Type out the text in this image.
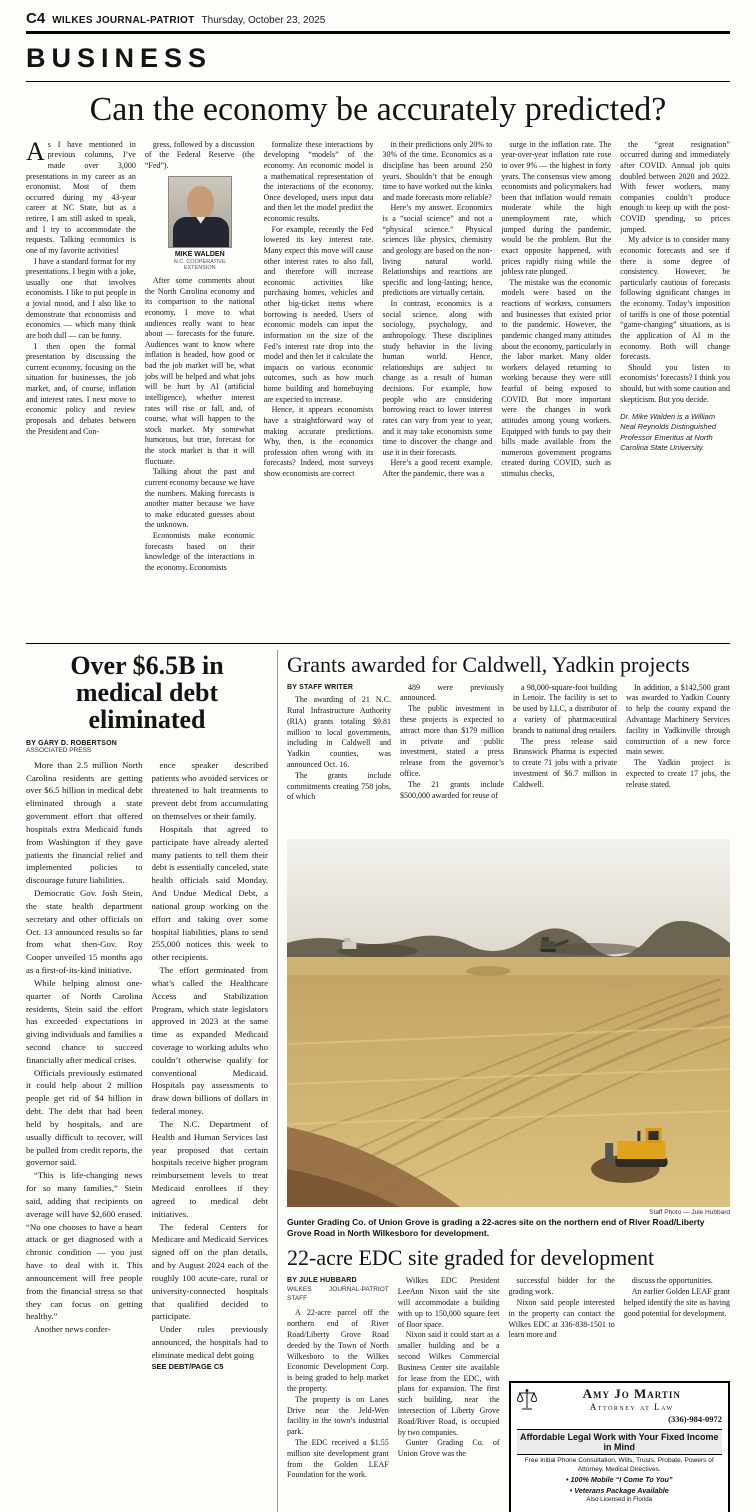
C4 WILKES JOURNAL-PATRIOT Thursday, October 23, 2025
BUSINESS
Can the economy be accurately predicted?

As I have mentioned in previous columns, I’ve made over 3,000 presentations in my career as an economist. Most of them occurred during my 43-year career at NC State, but as a retiree, I am still asked to speak, and I try to accommodate the requests. Talking economics is one of my favorite activities!

I have a standard format for my presentations. I begin with a joke, usually one that involves economists. I like to put people in a jovial mood, and I also like to demonstrate that economists and economics — which many think are both dull — can be funny.

I then open the formal presentation by discussing the current economy, focusing on the situation for businesses, the job market, and, of course, inflation and interest rates. I next move to economic policy and review proposals and debates between the President and Con-

gress, followed by a discussion of the Federal Reserve (the “Fed”).

MIKE WALDEN
N.C. COOPERATIVE EXTENSION

After some comments about the North Carolina economy and its comparison to the national economy, I move to what audiences really want to hear about — forecasts for the future. Audiences want to know where inflation is headed, how good or bad the job market will be, what jobs will be helped and what jobs will be hurt by AI (artificial intelligence), whether interest rates will rise or fall, and, of course, what will happen to the stock market. My somewhat humorous, but true, forecast for the stock market is that it will fluctuate.

Talking about the past and current economy because we have the numbers. Making forecasts is another matter because we have to make educated guesses about the unknown.

Economists make economic forecasts based on their knowledge of the interactions in the economy. Economists

formalize these interactions by developing “models” of the economy. An economic model is a mathematical representation of the interactions of the economy. Once developed, users input data and then let the model predict the economic results.

For example, recently the Fed lowered its key interest rate. Many expect this move will cause other interest rates to also fall, and therefore will increase economic activities like purchasing homes, vehicles and other big-ticket items where borrowing is needed. Users of economic models can input the information on the size of the Fed’s interest rate drop into the model and then let it calculate the impacts on various economic outcomes, such as how much home building and homebuying are expected to increase.

Hence, it appears economists have a straightforward way of making accurate predictions. Why, then, is the economics profession often wrong with its forecasts? Indeed, most surveys show economists are correct

in their predictions only 20% to 30% of the time. Economics as a discipline has been around 250 years. Shouldn’t that be enough time to have worked out the kinks and made forecasts more reliable?

Here’s my answer. Economics is a “social science” and not a “physical science.” Physical sciences like physics, chemistry and geology are based on the non-living natural world. Relationships and reactions are specific and long-lasting; hence, predictions are virtually certain.

In contrast, economics is a social science, along with sociology, psychology, and anthropology. These disciplines study behavior in the living human world. Hence, relationships are subject to change as a result of human decisions. For example, how people who are considering borrowing react to lower interest rates can vary from year to year, and it may take economists some time to discover the change and use it in their forecasts.

Here’s a good recent example. After the pandemic, there was a

surge in the inflation rate. The year-over-year inflation rate rose to over 9% — the highest in forty years. The consensus view among economists and policymakers had been that inflation would remain moderate while the high unemployment rate, which jumped during the pandemic, would be the problem. But the exact opposite happened, with prices rapidly rising while the jobless rate plunged.

The mistake was the economic models were based on the reactions of workers, consumers and businesses that existed prior to the pandemic. However, the pandemic changed many attitudes about the economy, particularly in the labor market. Many older workers delayed returning to working because they were still fearful of being exposed to COVID. But more important were the changes in work attitudes among young workers. Equipped with funds to pay their bills made available from the numerous government programs created during COVID, such as stimulus checks,

the “great resignation” occurred during and immediately after COVID. Annual job quits doubled between 2020 and 2022. With fewer workers, many companies couldn’t produce enough to keep up with the post-COVID spending, so prices jumped.

My advice is to consider many economic forecasts and see if there is some degree of consistency. However, be particularly cautious of forecasts following significant changes in the economy. Today’s imposition of tariffs is one of those potential “game-changing” situations, as is the application of AI in the economy. Both will change forecasts.

Should you listen to economists’ forecasts? I think you should, but with some caution and skepticism. But you decide.

Dr. Mike Walden is a William Neal Reynolds Distinguished Professor Emeritus at North Carolina State University.
Over $6.5B in medical debt eliminated
BY GARY D. ROBERTSON
ASSOCIATED PRESS

More than 2.5 million North Carolina residents are getting over $6.5 billion in medical debt eliminated through a state government effort that offered hospitals extra Medicaid funds from Washington if they gave patients the financial relief and implemented policies to discourage future liabilities.

Democratic Gov. Josh Stein, the state health department secretary and other officials on Oct. 13 announced results so far from what then-Gov. Roy Cooper unveiled 15 months ago as a first-of-its-kind initiative.

While helping almost one-quarter of North Carolina residents, Stein said the effort has exceeded expectations in giving individuals and families a second chance to succeed financially after medical crises.

Officials previously estimated it could help about 2 million people get rid of $4 billion in debt. The debt that had been held by hospitals, and are usually difficult to recover, will be pulled from credit reports, the governor said.

“This is life-changing news for so many families,” Stein said, adding that recipients on average will have $2,600 erased. “No one chooses to have a heart attack or get diagnosed with a chronic condition — you just have to deal with it. This announcement will free people from the financial stress so that they can focus on getting healthy.”

Another news confer-

ence speaker described patients who avoided services or threatened to halt treatments to prevent debt from accumulating on themselves or their family.

Hospitals that agreed to participate have already alerted many patients to tell them their debt is essentially canceled, state health officials said Monday. And Undue Medical Debt, a national group working on the effort and taking over some hospital liabilities, plans to send 255,000 notices this week to other recipients.

The effort germinated from what’s called the Healthcare Access and Stabilization Program, which state legislators approved in 2023 at the same time as expanded Medicaid coverage to working adults who couldn’t otherwise qualify for conventional Medicaid. Hospitals pay assessments to draw down billions of dollars in federal money.

The N.C. Department of Health and Human Services last year proposed that certain hospitals receive higher program reimbursement levels to treat Medicaid enrollees if they agreed to medical debt initiatives.

The federal Centers for Medicare and Medicaid Services signed off on the plan details, and by August 2024 each of the roughly 100 acute-care, rural or university-connected hospitals that qualified decided to participate.

Under rules previously announced, the hospitals had to eliminate medical debt going

SEE DEBT/PAGE C5

Grants awarded for Caldwell, Yadkin projects
BY STAFF WRITER

The awarding of 21 N.C. Rural Infrastructure Authority (RIA) grants totaling $9.81 million to local governments, including in Caldwell and Yadkin counties, was announced Oct. 16.

The grants include commitments creating 758 jobs, of which

489 were previously announced.

The public investment in these projects is expected to attract more than $179 million in private and public investment, stated a press release from the governor’s office.

The 21 grants include $500,000 awarded for reuse of

a 98,000-square-foot building in Lenoir. The facility is set to be used by LLC, a distributor of a variety of pharmaceutical brands to national drug retailers.

The press release said Brunswick Pharma is expected to create 71 jobs with a private investment of $6.7 million in Caldwell.

In addition, a $142,500 grant was awarded to Yadkin County to help the county expand the Advantage Machinery Services facility in Yadkinville through construction of a new force main sewer.

The Yadkin project is expected to create 17 jobs, the release stated.

Staff Photo — Jule Hubbard
Gunter Grading Co. of Union Grove is grading a 22-acres site on the northern end of River Road/Liberty Grove Road in North Wilkesboro for development.
22-acre EDC site graded for development
BY JULE HUBBARD
WILKES JOURNAL-PATRIOT STAFF

A 22-acre parcel off the northern end of River Road/Liberty Grove Road deeded by the Town of North Wilkesboro to the Wilkes Economic Development Corp. is being graded to help market the property.

The property is on Lanes Drive near the Jeld-Wen facility in the town’s industrial park.

The EDC received a $1.55 million site development grant from the Golden LEAF Foundation for the work.

Wilkes EDC President LeeAnn Nixon said the site will accommodate a building with up to 150,000 square feet of floor space.

Nixon said it could start as a smaller building and be a second Wilkes Commercial Business Center site available for lease from the EDC, with plans for expansion. The first such building, near the intersection of Liberty Grove Road/River Road, is occupied by two companies.

Gunter Grading Co. of Union Grove was the

successful bidder for the grading work.

Nixon said people interested in the property can contact the Wilkes EDC at 336-838-1501 to learn more and

discuss the opportunities.

An earlier Golden LEAF grant helped identify the site as having good potential for development.

Amy Jo Martin
Attorney at Law
(336)-984-0972
Affordable Legal Work with Your Fixed Income in Mind
Free Initial Phone Consultation, Wills, Trusts, Probate, Powers of Attorney, Medical Directives.
• 100% Mobile “I Come To You”
• Veterans Package Available
Also Licensed in Florida
